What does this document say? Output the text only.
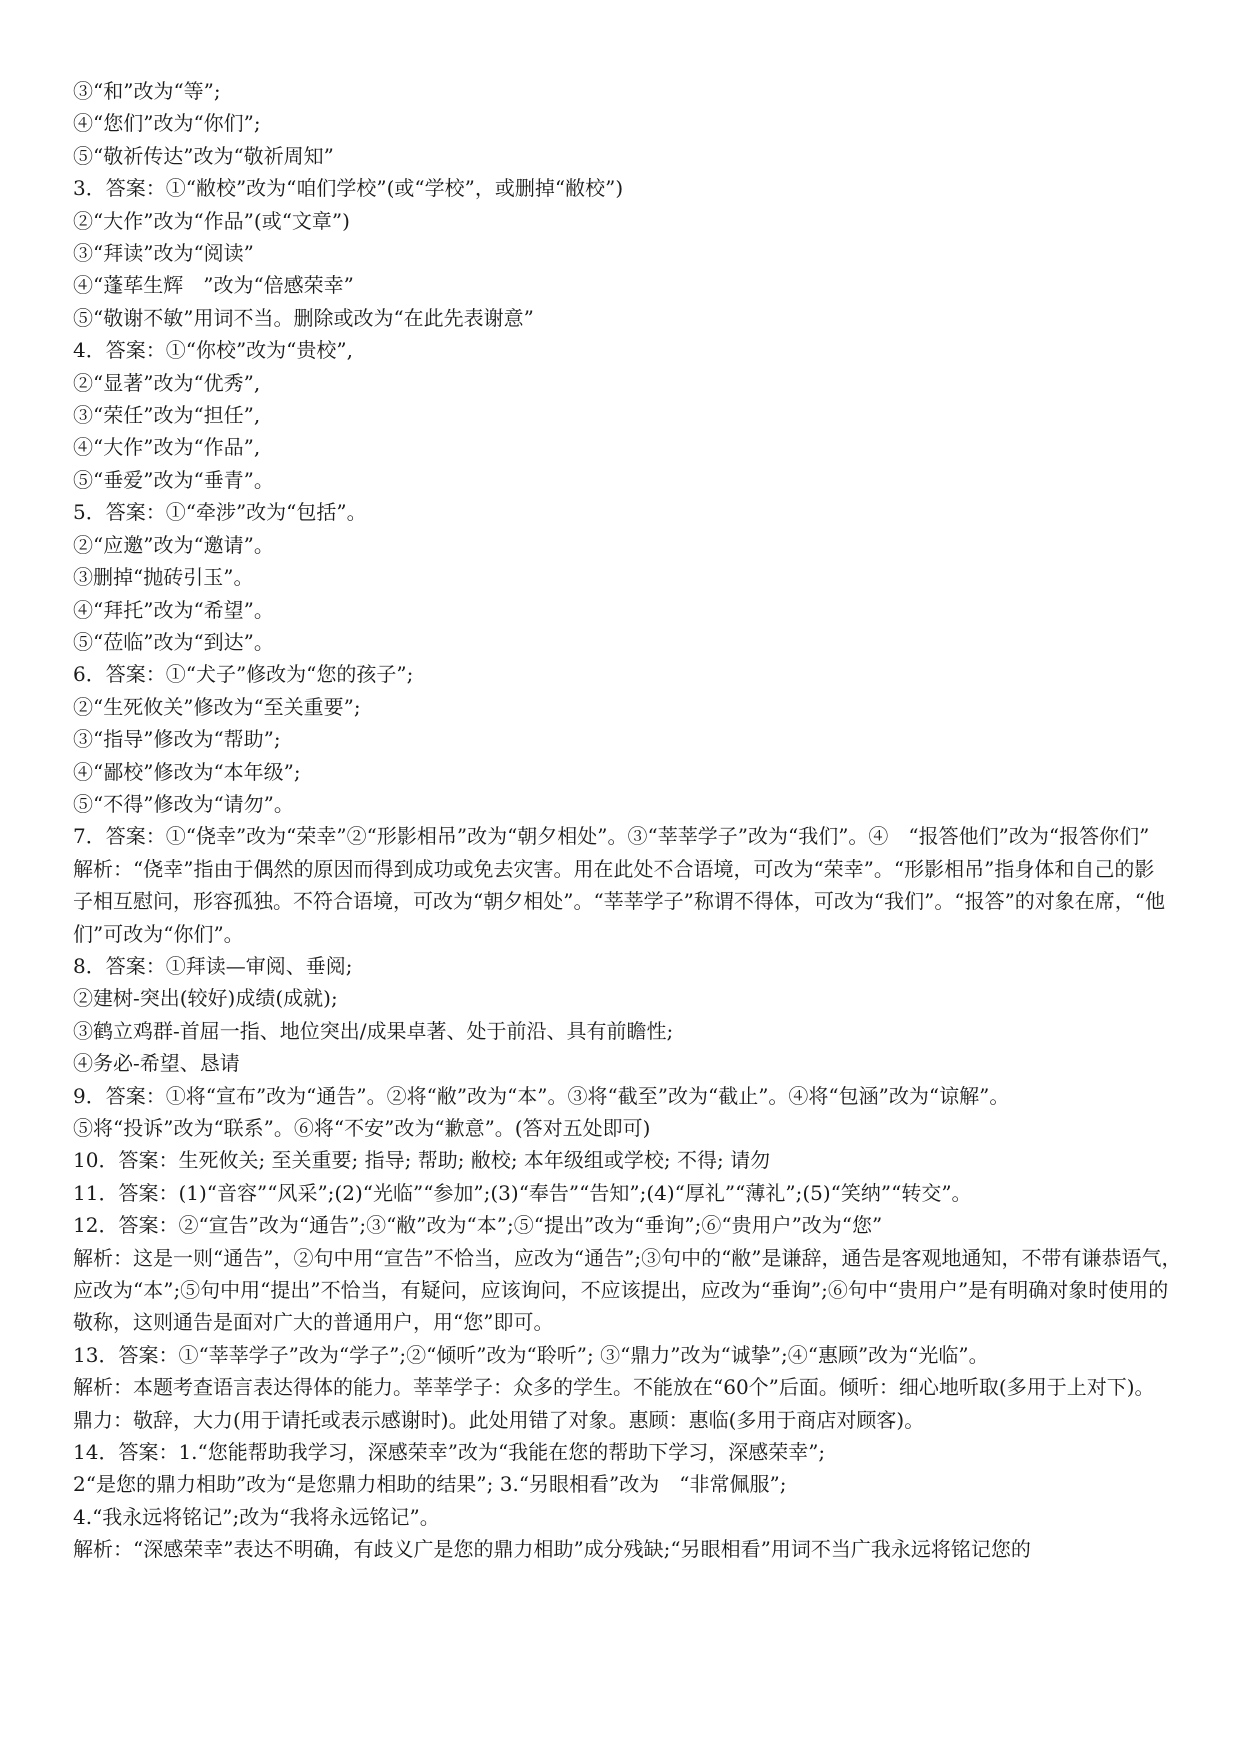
③“和”改为“等”;

④“您们”改为“你们”;

⑤“敬祈传达”改为“敬祈周知”

3．答案：①“敝校”改为“咱们学校”(或“学校”，或删掉“敝校”)

②“大作”改为“作品”(或“文章”)

③“拜读”改为“阅读”

④“蓬荜生辉　”改为“倍感荣幸”

⑤“敬谢不敏”用词不当。删除或改为“在此先表谢意”

4．答案：①“你校”改为“贵校”,

②“显著”改为“优秀”,

③“荣任”改为“担任”,

④“大作”改为“作品”,

⑤“垂爱”改为“垂青”。

5．答案：①“牵涉”改为“包括”。

②“应邀”改为“邀请”。

③删掉“抛砖引玉”。

④“拜托”改为“希望”。

⑤“莅临”改为“到达”。

6．答案：①“犬子”修改为“您的孩子”;

②“生死攸关”修改为“至关重要”;

③“指导”修改为“帮助”;

④“鄙校”修改为“本年级”;

⑤“不得”修改为“请勿”。

7．答案：①“侥幸”改为“荣幸”②“形影相吊”改为“朝夕相处”。③“莘莘学子”改为“我们”。④　“报答他们”改为“报答你们”

解析：“侥幸”指由于偶然的原因而得到成功或免去灾害。用在此处不合语境，可改为“荣幸”。“形影相吊”指身体和自己的影子相互慰问，形容孤独。不符合语境，可改为“朝夕相处”。“莘莘学子”称谓不得体，可改为“我们”。“报答”的对象在席，“他们”可改为“你们”。

8．答案：①拜读—审阅、垂阅;

②建树-突出(较好)成绩(成就);

③鹤立鸡群-首屈一指、地位突出/成果卓著、处于前沿、具有前瞻性;

④务必-希望、恳请

9．答案：①将“宣布”改为“通告”。②将“敝”改为“本”。③将“截至”改为“截止”。④将“包涵”改为“谅解”。

⑤将“投诉”改为“联系”。⑥将“不安”改为“歉意”。(答对五处即可)

10．答案：生死攸关; 至关重要; 指导; 帮助; 敝校; 本年级组或学校; 不得; 请勿

11．答案：(1)“音容”“风采”;(2)“光临”“参加”;(3)“奉告”“告知”;(4)“厚礼”“薄礼”;(5)“笑纳”“转交”。

12．答案：②“宣告”改为“通告”;③“敝”改为“本”;⑤“提出”改为“垂询”;⑥“贵用户”改为“您”

解析：这是一则“通告”，②句中用“宣告”不恰当，应改为“通告”;③句中的“敝”是谦辞，通告是客观地通知，不带有谦恭语气，　应改为“本”;⑤句中用“提出”不恰当，有疑问，应该询问，不应该提出，应改为“垂询”;⑥句中“贵用户”是有明确对象时使用的敬称，这则通告是面对广大的普通用户，用“您”即可。

13．答案：①“莘莘学子”改为“学子”;②“倾听”改为“聆听”; ③“鼎力”改为“诚挚”;④“惠顾”改为“光临”。

解析：本题考查语言表达得体的能力。莘莘学子：众多的学生。不能放在“60个”后面。倾听：细心地听取(多用于上对下)。鼎力：敬辞，大力(用于请托或表示感谢时)。此处用错了对象。惠顾：惠临(多用于商店对顾客)。

14．答案：1.“您能帮助我学习，深感荣幸”改为“我能在您的帮助下学习，深感荣幸”;

2“是您的鼎力相助”改为“是您鼎力相助的结果”; 3.“另眼相看”改为　“非常佩服”;

4.“我永远将铭记”;改为“我将永远铭记”。

解析：“深感荣幸”表达不明确，有歧义广是您的鼎力相助”成分残缺;“另眼相看”用词不当广我永远将铭记您的
